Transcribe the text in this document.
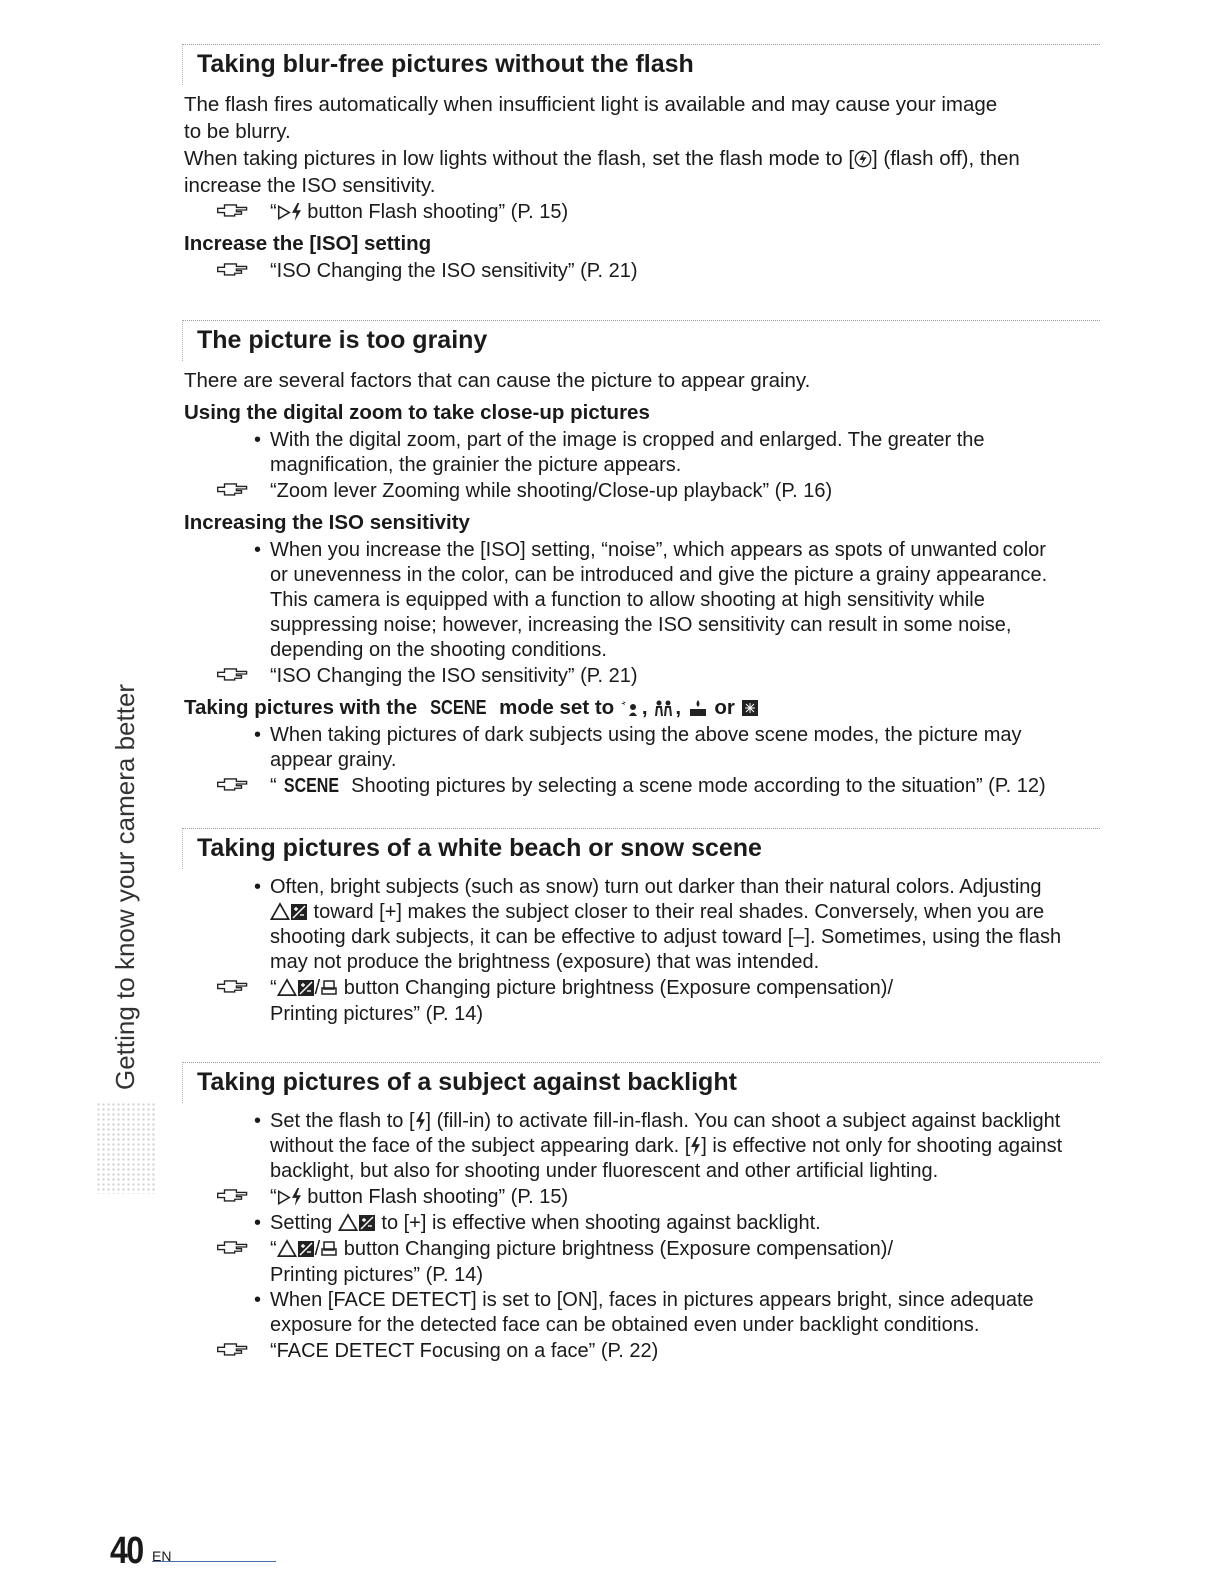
Getting to know your camera better
Taking blur-free pictures without the flash

The flash fires automatically when insufficient light is available and may cause your image

to be blurry.

When taking pictures in low lights without the flash, set the flash mode to [ ] (flash off), then

increase the ISO sensitivity.

“ button Flash shooting” (P. 15)

Increase the [ISO] setting

“ISO Changing the ISO sensitivity” (P. 21)

The picture is too grainy

There are several factors that can cause the picture to appear grainy.

Using the digital zoom to take close-up pictures

• With the digital zoom, part of the image is cropped and enlarged. The greater the

magnification, the grainier the picture appears.

“Zoom lever Zooming while shooting/Close-up playback” (P. 16)

Increasing the ISO sensitivity

• When you increase the [ISO] setting, “noise”, which appears as spots of unwanted color

or unevenness in the color, can be introduced and give the picture a grainy appearance.

This camera is equipped with a function to allow shooting at high sensitivity while

suppressing noise; however, increasing the ISO sensitivity can result in some noise,

depending on the shooting conditions.

“ISO Changing the ISO sensitivity” (P. 21)

Taking pictures with the SCENE mode set to , ,  or

• When taking pictures of dark subjects using the above scene modes, the picture may

appear grainy.

“ SCENE Shooting pictures by selecting a scene mode according to the situation” (P. 12)

Taking pictures of a white beach or snow scene

• Often, bright subjects (such as snow) turn out darker than their natural colors. Adjusting

toward [+] makes the subject closer to their real shades. Conversely, when you are

shooting dark subjects, it can be effective to adjust toward [–]. Sometimes, using the flash

may not produce the brightness (exposure) that was intended.

“ / button Changing picture brightness (Exposure compensation)/

Printing pictures” (P. 14)

Taking pictures of a subject against backlight

• Set the flash to [ ] (fill-in) to activate fill-in-flash. You can shoot a subject against backlight

without the face of the subject appearing dark. [ ] is effective not only for shooting against

backlight, but also for shooting under fluorescent and other artificial lighting.

“ button Flash shooting” (P. 15)

• Setting  to [+] is effective when shooting against backlight.

“ / button Changing picture brightness (Exposure compensation)/

Printing pictures” (P. 14)

• When [FACE DETECT] is set to [ON], faces in pictures appears bright, since adequate

exposure for the detected face can be obtained even under backlight conditions.

“FACE DETECT Focusing on a face” (P. 22)

40 EN
